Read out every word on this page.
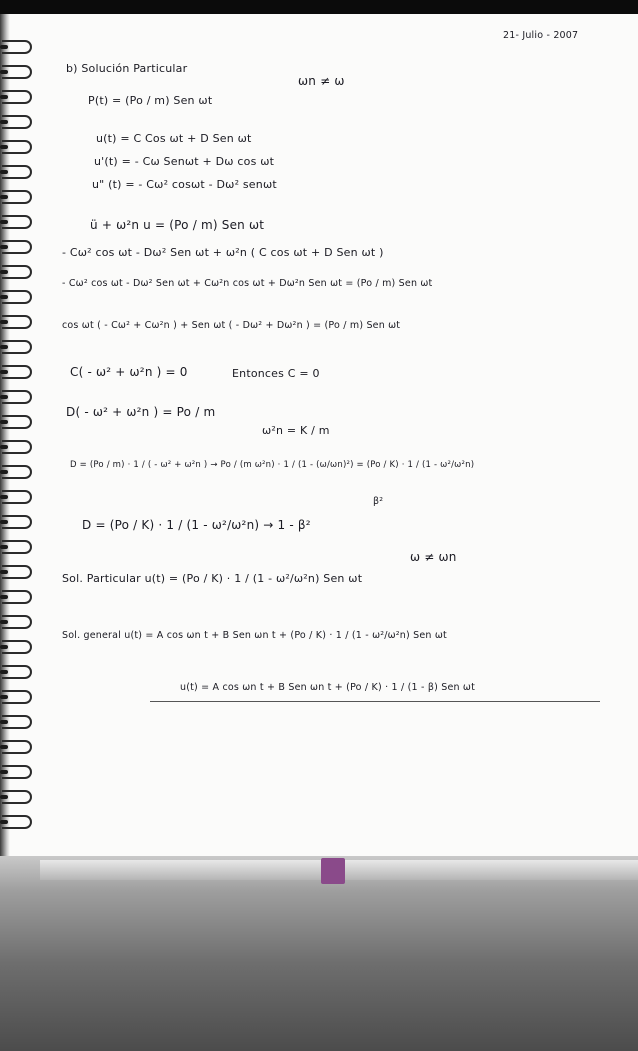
21- Julio - 2007
b) Solución Particular
ωn ≠ ω
P(t) = (Po / m) Sen ωt
u(t) = C Cos ωt + D Sen ωt
u'(t) = - Cω Senωt + Dω cos ωt
u" (t) = - Cω² cosωt - Dω² senωt
ü + ω²n u = (Po / m) Sen ωt
- Cω² cos ωt - Dω² Sen ωt + ω²n ( C cos ωt + D Sen ωt )
- Cω² cos ωt - Dω² Sen ωt + Cω²n cos ωt + Dω²n Sen ωt = (Po / m) Sen ωt
cos ωt ( - Cω² + Cω²n ) + Sen ωt ( - Dω² + Dω²n ) = (Po / m) Sen ωt
C( - ω² + ω²n ) = 0	Entonces C = 0
D( - ω² + ω²n ) = Po / m
ω²n = K / m
D = (Po / m) · 1 / ( - ω² + ω²n ) → Po / (m ω²n) · 1 / (1 - (ω/ωn)²) = (Po / K) · 1 / (1 - ω²/ω²n)
β²
D = (Po / K) · 1 / (1 - ω²/ω²n) → 1 - β²
ω ≠ ωn
Sol. Particular u(t) = (Po / K) · 1 / (1 - ω²/ω²n) Sen ωt
Sol. general u(t) = A cos ωn t + B Sen ωn t + (Po / K) · 1 / (1 - ω²/ω²n) Sen ωt
u(t) = A cos ωn t + B Sen ωn t + (Po / K) · 1 / (1 - β) Sen ωt
